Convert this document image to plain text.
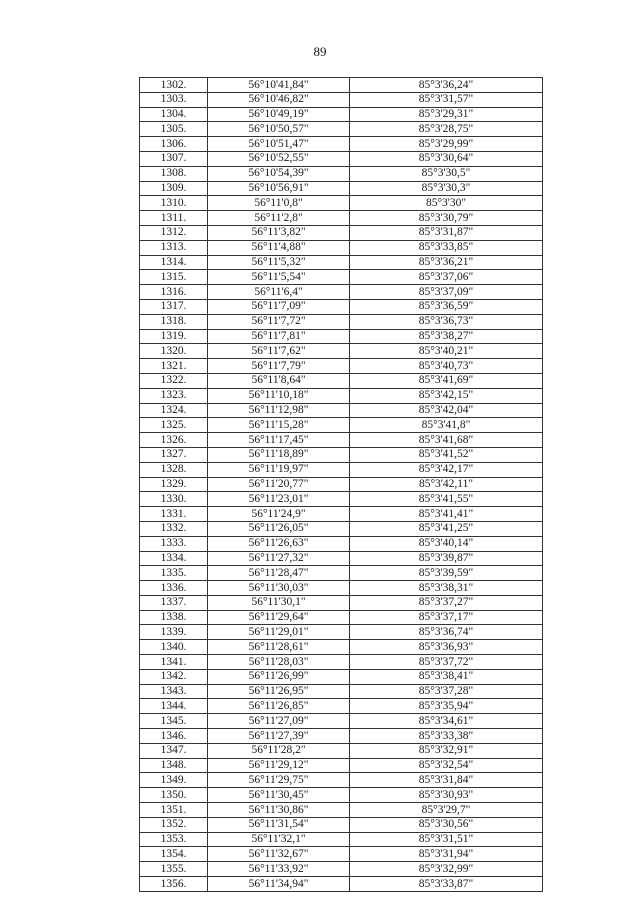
89
1302.	56°10'41,84"	85°3'36,24"
1303.	56°10'46,82"	85°3'31,57"
1304.	56°10'49,19"	85°3'29,31"
1305.	56°10'50,57"	85°3'28,75"
1306.	56°10'51,47"	85°3'29,99"
1307.	56°10'52,55"	85°3'30,64"
1308.	56°10'54,39"	85°3'30,5"
1309.	56°10'56,91"	85°3'30,3"
1310.	56°11'0,8"	85°3'30"
1311.	56°11'2,8"	85°3'30,79"
1312.	56°11'3,82"	85°3'31,87"
1313.	56°11'4,88"	85°3'33,85"
1314.	56°11'5,32"	85°3'36,21"
1315.	56°11'5,54"	85°3'37,06"
1316.	56°11'6,4"	85°3'37,09"
1317.	56°11'7,09"	85°3'36,59"
1318.	56°11'7,72"	85°3'36,73"
1319.	56°11'7,81"	85°3'38,27"
1320.	56°11'7,62"	85°3'40,21"
1321.	56°11'7,79"	85°3'40,73"
1322.	56°11'8,64"	85°3'41,69"
1323.	56°11'10,18"	85°3'42,15"
1324.	56°11'12,98"	85°3'42,04"
1325.	56°11'15,28"	85°3'41,8"
1326.	56°11'17,45"	85°3'41,68"
1327.	56°11'18,89"	85°3'41,52"
1328.	56°11'19,97"	85°3'42,17"
1329.	56°11'20,77"	85°3'42,11"
1330.	56°11'23,01"	85°3'41,55"
1331.	56°11'24,9"	85°3'41,41"
1332.	56°11'26,05"	85°3'41,25"
1333.	56°11'26,63"	85°3'40,14"
1334.	56°11'27,32"	85°3'39,87"
1335.	56°11'28,47"	85°3'39,59"
1336.	56°11'30,03"	85°3'38,31"
1337.	56°11'30,1"	85°3'37,27"
1338.	56°11'29,64"	85°3'37,17"
1339.	56°11'29,01"	85°3'36,74"
1340.	56°11'28,61"	85°3'36,93"
1341.	56°11'28,03"	85°3'37,72"
1342.	56°11'26,99"	85°3'38,41"
1343.	56°11'26,95"	85°3'37,28"
1344.	56°11'26,85"	85°3'35,94"
1345.	56°11'27,09"	85°3'34,61"
1346.	56°11'27,39"	85°3'33,38"
1347.	56°11'28,2"	85°3'32,91"
1348.	56°11'29,12"	85°3'32,54"
1349.	56°11'29,75"	85°3'31,84"
1350.	56°11'30,45"	85°3'30,93"
1351.	56°11'30,86"	85°3'29,7"
1352.	56°11'31,54"	85°3'30,56"
1353.	56°11'32,1"	85°3'31,51"
1354.	56°11'32,67"	85°3'31,94"
1355.	56°11'33,92"	85°3'32,99"
1356.	56°11'34,94"	85°3'33,87"
